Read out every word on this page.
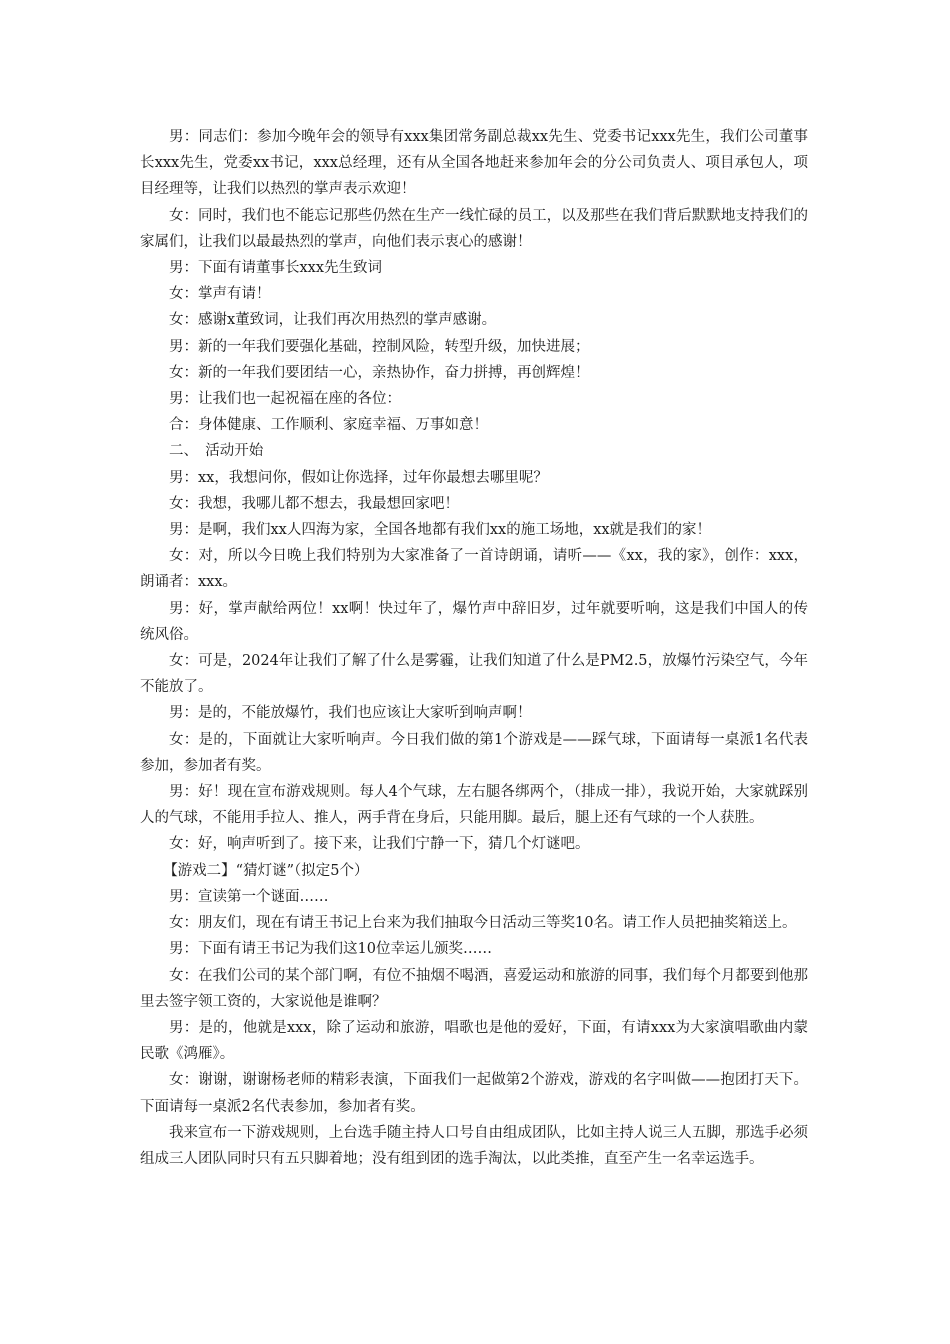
男：同志们：参加今晚年会的领导有xxx集团常务副总裁xx先生、党委书记xxx先生，我们公司董事长xxx先生，党委xx书记，xxx总经理，还有从全国各地赶来参加年会的分公司负责人、项目承包人，项目经理等，让我们以热烈的掌声表示欢迎！

女：同时，我们也不能忘记那些仍然在生产一线忙碌的员工，以及那些在我们背后默默地支持我们的家属们，让我们以最最热烈的掌声，向他们表示衷心的感谢！

男：下面有请董事长xxx先生致词

女：掌声有请！

女：感谢x董致词，让我们再次用热烈的掌声感谢。

男：新的一年我们要强化基础，控制风险，转型升级，加快进展；

女：新的一年我们要团结一心，亲热协作，奋力拼搏，再创辉煌！

男：让我们也一起祝福在座的各位：

合：身体健康、工作顺利、家庭幸福、万事如意！

二、　活动开始

男：xx，我想问你，假如让你选择，过年你最想去哪里呢？

女：我想，我哪儿都不想去，我最想回家吧！

男：是啊，我们xx人四海为家，全国各地都有我们xx的施工场地，xx就是我们的家！

女：对，所以今日晚上我们特别为大家准备了一首诗朗诵，请听——《xx，我的家》，创作：xxx，朗诵者：xxx。

男：好，掌声献给两位！xx啊！快过年了，爆竹声中辞旧岁，过年就要听响，这是我们中国人的传统风俗。

女：可是，2024年让我们了解了什么是雾霾，让我们知道了什么是PM2.5，放爆竹污染空气，今年不能放了。

男：是的，不能放爆竹，我们也应该让大家听到响声啊！

女：是的，下面就让大家听响声。今日我们做的第1个游戏是——踩气球，下面请每一桌派1名代表参加，参加者有奖。

男：好！现在宣布游戏规则。每人4个气球，左右腿各绑两个，（排成一排），我说开始，大家就踩别人的气球，不能用手拉人、推人，两手背在身后，只能用脚。最后，腿上还有气球的一个人获胜。

女：好，响声听到了。接下来，让我们宁静一下，猜几个灯谜吧。

【游戏二】“猜灯谜”（拟定5个）

男：宣读第一个谜面……

女：朋友们，现在有请王书记上台来为我们抽取今日活动三等奖10名。请工作人员把抽奖箱送上。

男：下面有请王书记为我们这10位幸运儿颁奖……

女：在我们公司的某个部门啊，有位不抽烟不喝酒，喜爱运动和旅游的同事，我们每个月都要到他那里去签字领工资的，大家说他是谁啊？

男：是的，他就是xxx，除了运动和旅游，唱歌也是他的爱好，下面，有请xxx为大家演唱歌曲内蒙民歌《鸿雁》。

女：谢谢，谢谢杨老师的精彩表演，下面我们一起做第2个游戏，游戏的名字叫做——抱团打天下。下面请每一桌派2名代表参加，参加者有奖。

我来宣布一下游戏规则，上台选手随主持人口号自由组成团队，比如主持人说三人五脚，那选手必须组成三人团队同时只有五只脚着地；没有组到团的选手淘汰，以此类推，直至产生一名幸运选手。
